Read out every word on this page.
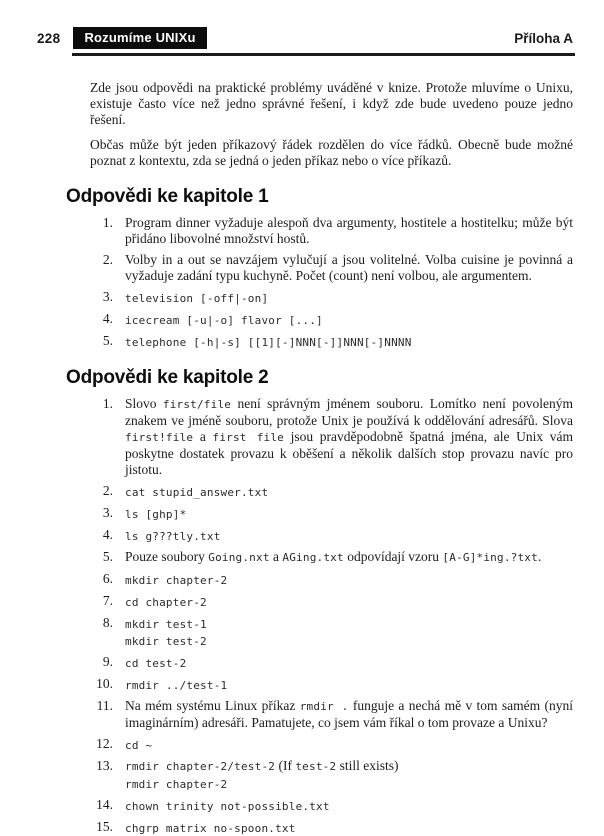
228	Rozumíme UNIXu	Příloha A

Zde jsou odpovědi na praktické problémy uváděné v knize. Protože mluvíme o Unixu, existuje často více než jedno správné řešení, i když zde bude uvedeno pouze jedno řešení.

Občas může být jeden příkazový řádek rozdělen do více řádků. Obecně bude možné poznat z kontextu, zda se jedná o jeden příkaz nebo o více příkazů.

Odpovědi ke kapitole 1
1. Program dinner vyžaduje alespoň dva argumenty, hostitele a hostitelku; může být přidáno libovolné množství hostů.
2. Volby in a out se navzájem vylučují a jsou volitelné. Volba cuisine je povinná a vyžaduje zadání typu kuchyně. Počet (count) není volbou, ale argumentem.
3. television [-off|-on]
4. icecream [-u|-o] flavor [...]
5. telephone [-h|-s] [[1][-]NNN[-]]NNN[-]NNNN
Odpovědi ke kapitole 2
1. Slovo first/file není správným jménem souboru. Lomítko není povoleným znakem ve jméně souboru, protože Unix je používá k oddělování adresářů. Slova first!file a first file jsou pravděpodobně špatná jména, ale Unix vám poskytne dostatek provazu k oběšení a několik dalších stop provazu navíc pro jistotu.
2. cat stupid_answer.txt
3. ls [ghp]*
4. ls g???tly.txt
5. Pouze soubory Going.nxt a AGing.txt odpovídají vzoru [A-G]*ing.?txt.
6. mkdir chapter-2
7. cd chapter-2
8. mkdir test-1
mkdir test-2
9. cd test-2
10. rmdir ../test-1
11. Na mém systému Linux příkaz rmdir . funguje a nechá mě v tom samém (nyní imaginárním) adresáři. Pamatujete, co jsem vám říkal o tom provaze a Unixu?
12. cd ~
13. rmdir chapter-2/test-2 (If test-2 still exists)
rmdir chapter-2
14. chown trinity not-possible.txt
15. chgrp matrix no-spoon.txt
